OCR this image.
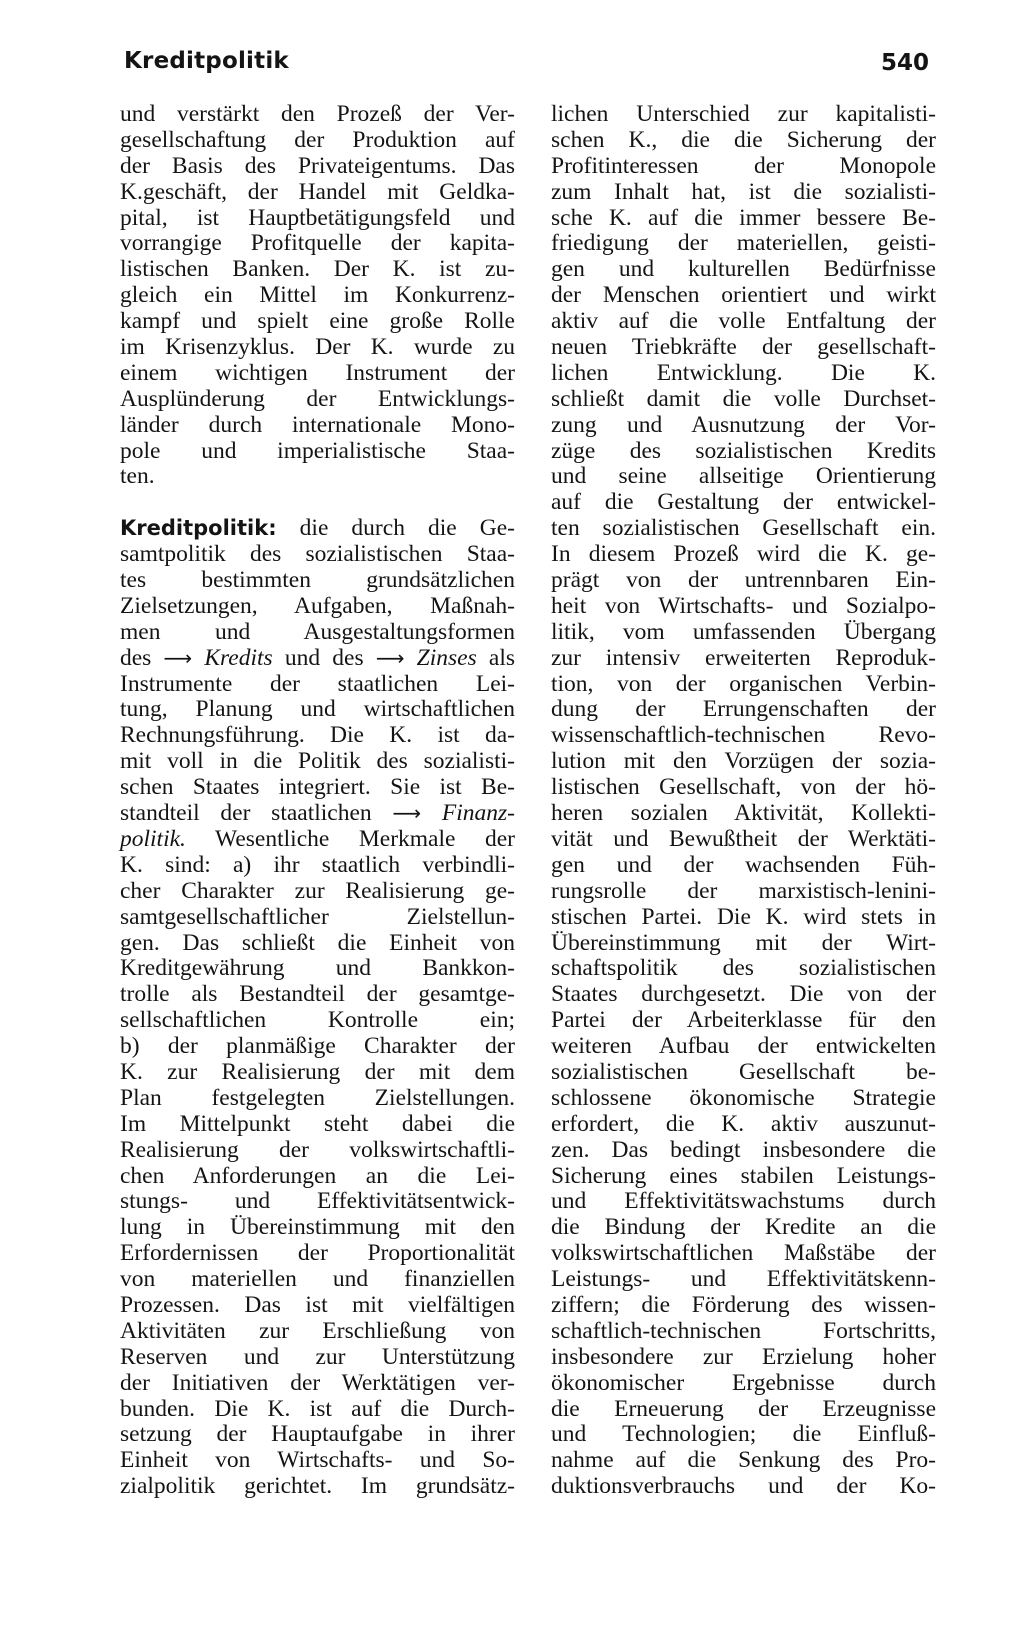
Kreditpolitik	540
und verstärkt den Prozeß der Ver-
gesellschaftung der Produktion auf
der Basis des Privateigentums. Das
K.geschäft, der Handel mit Geldka-
pital, ist Hauptbetätigungsfeld und
vorrangige Profitquelle der kapita-
listischen Banken. Der K. ist zu-
gleich ein Mittel im Konkurrenz-
kampf und spielt eine große Rolle
im Krisenzyklus. Der K. wurde zu
einem wichtigen Instrument der
Ausplünderung der Entwicklungs-
länder durch internationale Mono-
pole und imperialistische Staa-
ten.
Kreditpolitik: die durch die Ge-
samtpolitik des sozialistischen Staa-
tes bestimmten grundsätzlichen
Zielsetzungen, Aufgaben, Maßnah-
men und Ausgestaltungsformen
des ⟶ Kredits und des ⟶ Zinses als
Instrumente der staatlichen Lei-
tung, Planung und wirtschaftlichen
Rechnungsführung. Die K. ist da-
mit voll in die Politik des sozialisti-
schen Staates integriert. Sie ist Be-
standteil der staatlichen ⟶ Finanz-
politik. Wesentliche Merkmale der
K. sind: a) ihr staatlich verbindli-
cher Charakter zur Realisierung ge-
samtgesellschaftlicher Zielstellun-
gen. Das schließt die Einheit von
Kreditgewährung und Bankkon-
trolle als Bestandteil der gesamtge-
sellschaftlichen Kontrolle ein;
b) der planmäßige Charakter der
K. zur Realisierung der mit dem
Plan festgelegten Zielstellungen.
Im Mittelpunkt steht dabei die
Realisierung der volkswirtschaftli-
chen Anforderungen an die Lei-
stungs- und Effektivitätsentwick-
lung in Übereinstimmung mit den
Erfordernissen der Proportionalität
von materiellen und finanziellen
Prozessen. Das ist mit vielfältigen
Aktivitäten zur Erschließung von
Reserven und zur Unterstützung
der Initiativen der Werktätigen ver-
bunden. Die K. ist auf die Durch-
setzung der Hauptaufgabe in ihrer
Einheit von Wirtschafts- und So-
zialpolitik gerichtet. Im grundsätz-
lichen Unterschied zur kapitalisti-
schen K., die die Sicherung der
Profitinteressen der Monopole
zum Inhalt hat, ist die sozialisti-
sche K. auf die immer bessere Be-
friedigung der materiellen, geisti-
gen und kulturellen Bedürfnisse
der Menschen orientiert und wirkt
aktiv auf die volle Entfaltung der
neuen Triebkräfte der gesellschaft-
lichen Entwicklung. Die K.
schließt damit die volle Durchset-
zung und Ausnutzung der Vor-
züge des sozialistischen Kredits
und seine allseitige Orientierung
auf die Gestaltung der entwickel-
ten sozialistischen Gesellschaft ein.
In diesem Prozeß wird die K. ge-
prägt von der untrennbaren Ein-
heit von Wirtschafts- und Sozialpo-
litik, vom umfassenden Übergang
zur intensiv erweiterten Reproduk-
tion, von der organischen Verbin-
dung der Errungenschaften der
wissenschaftlich-technischen Revo-
lution mit den Vorzügen der sozia-
listischen Gesellschaft, von der hö-
heren sozialen Aktivität, Kollekti-
vität und Bewußtheit der Werktäti-
gen und der wachsenden Füh-
rungsrolle der marxistisch-lenini-
stischen Partei. Die K. wird stets in
Übereinstimmung mit der Wirt-
schaftspolitik des sozialistischen
Staates durchgesetzt. Die von der
Partei der Arbeiterklasse für den
weiteren Aufbau der entwickelten
sozialistischen Gesellschaft be-
schlossene ökonomische Strategie
erfordert, die K. aktiv auszunut-
zen. Das bedingt insbesondere die
Sicherung eines stabilen Leistungs-
und Effektivitätswachstums durch
die Bindung der Kredite an die
volkswirtschaftlichen Maßstäbe der
Leistungs- und Effektivitätskenn-
ziffern; die Förderung des wissen-
schaftlich-technischen Fortschritts,
insbesondere zur Erzielung hoher
ökonomischer Ergebnisse durch
die Erneuerung der Erzeugnisse
und Technologien; die Einfluß-
nahme auf die Senkung des Pro-
duktionsverbrauchs und der Ko-
